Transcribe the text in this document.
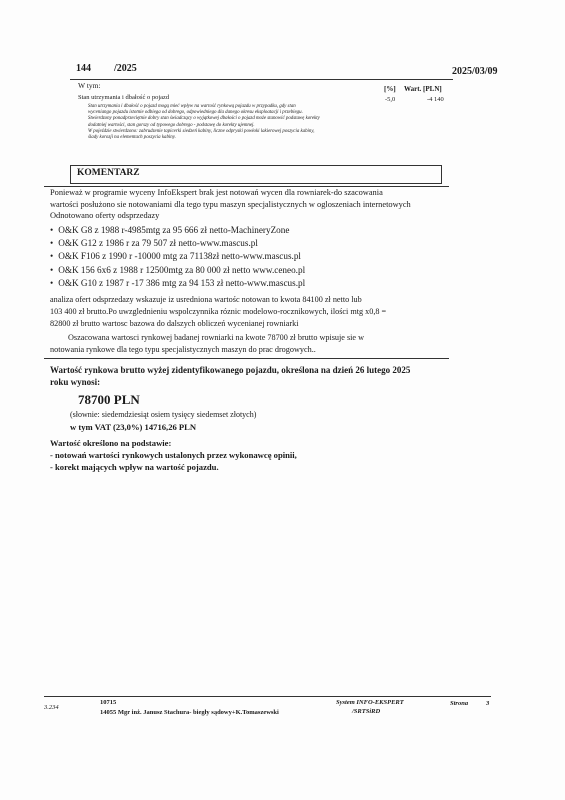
144 /2025	2025/03/09
W tym:	[%] Wart. [PLN]
Stan utrzymania i dbałość o pojazd	-5,0	-4 140
Stan utrzymania i dbałość o pojazd mogą mieć wpływ na wartość rynkową pojazdu w przypadku, gdy stan
wyceniango pojazdu istotnie odbiega od dobrego, odpowiedniego dla danego okresu eksploatacji i przebiegu.
Stwierdzony ponadprzeciętnie dobry stan świadczący o wyjątkowej dbałości o pojazd może stanowić podstawę korekty
dodatniej wartości, stan gorszy od typowego dobrego - podstawę do korekty ujemnej.
W pojeździe stwierdzono: zabrudzenie tapicerki siedzeń kabiny, liczne odpryski powłoki lakierowej poszycia kabiny,
ślady korozji na elementach poszycia kabiny.
KOMENTARZ
Ponieważ w programie wyceny InfoEkspert brak jest notowań wycen dla rowniarek-do szacowania
wartości posłużono sie notowaniami dla tego typu maszyn specjalistycznych w ogloszeniach internetowych
Odnotowano oferty odsprzedazy
• O&K G8 z 1988 r-4985mtg za 95 666 zł netto-MachineryZone
• O&K G12 z 1986 r za 79 507 zł netto-www.mascus.pl
• O&K F106 z 1990 r -10000 mtg za 71138zł netto-www.mascus.pl
• O&K 156 6x6 z 1988 r 12500mtg za 80 000 zł netto www.ceneo.pl
• O&K G10 z 1987 r -17 386 mtg za 94 153 zł netto-www.mascus.pl
analiza ofert odsprzedazy wskazuje iz usrednionа wartośc notowan to kwota 84100 zł netto lub
103 400 zł brutto.Po uwzglednieniu wspolczynnika róznic modelowo-rocznikowych, ilości mtg x0,8 =
82800 zł brutto wartosc bazowa do dalszych obliczeń wycenianej rowniarki
Oszacowana wartosci rynkowej badanej rowniarki na kwote 78700 zł brutto wpisuje sie w
notowania rynkowe dla tego typu specjalistycznych maszyn do prac drogowych..
Wartość rynkowa brutto wyżej zidentyfikowanego pojazdu, określona na dzień 26 lutego 2025
roku wynosi:
78700 PLN
(słownie: siedemdziesiąt osiem tysięcy siedemset złotych)
w tym VAT (23,0%) 14716,26 PLN
Wartość określono na podstawie:
- notowań wartości rynkowych ustalonych przez wykonawcę opinii,
- korekt mających wpływ na wartość pojazdu.
3.234
10715
14055 Mgr inż. Janusz Stachura- biegły sądowy+K.Tomaszewski
System INFO-EKSPERT
/SRTSiRD
Strona	3
